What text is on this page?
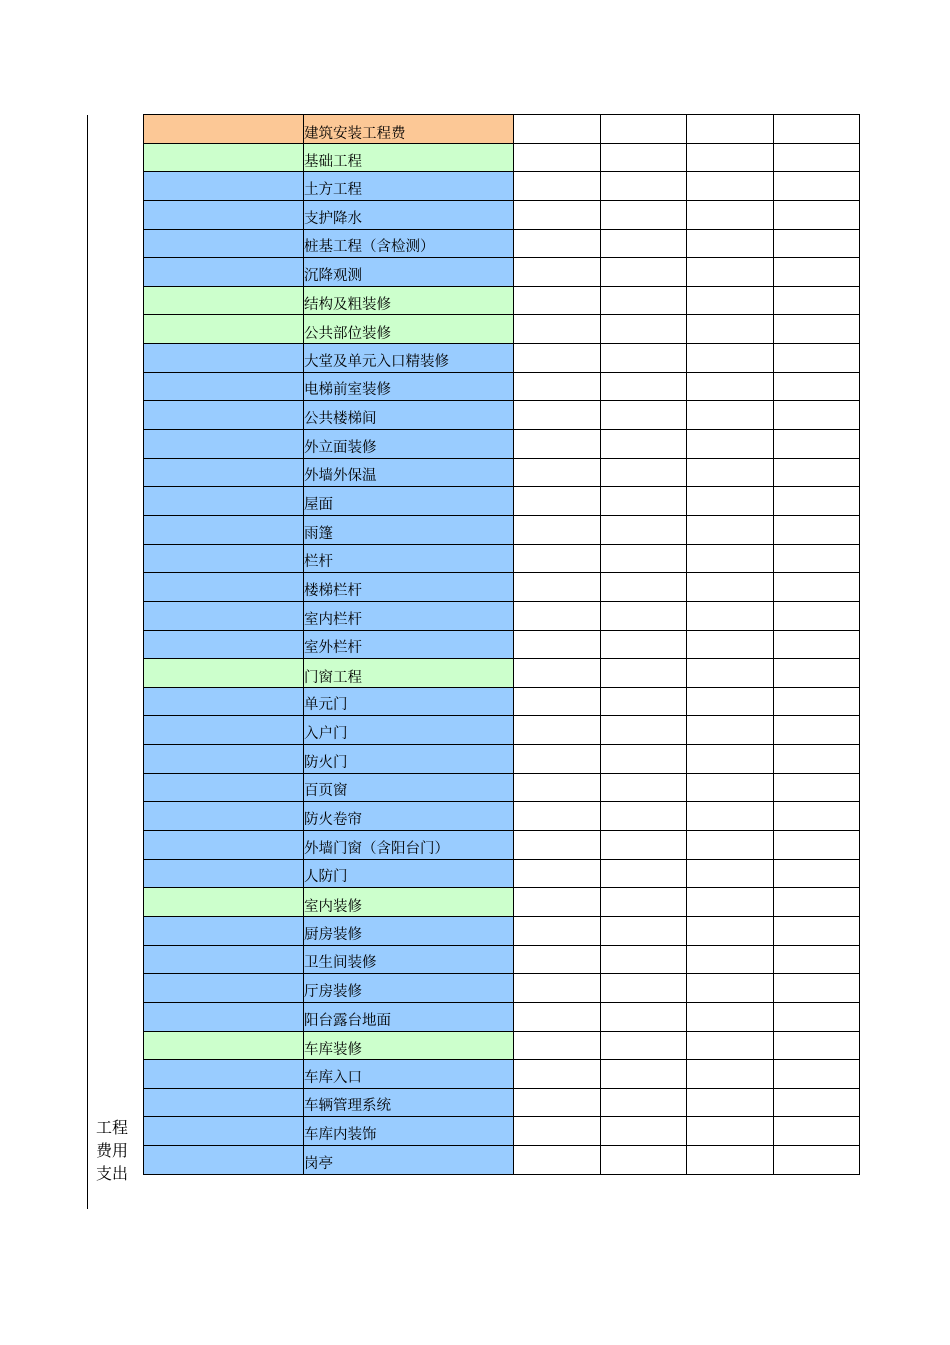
工程
费用
支出
	建筑安装工程费				
	基础工程				
	土方工程				
	支护降水				
	桩基工程（含检测）				
	沉降观测				
	结构及粗装修				
	公共部位装修				
	大堂及单元入口精装修				
	电梯前室装修				
	公共楼梯间				
	外立面装修				
	外墙外保温				
	屋面				
	雨篷				
	栏杆				
	楼梯栏杆				
	室内栏杆				
	室外栏杆				
	门窗工程				
	单元门				
	入户门				
	防火门				
	百页窗				
	防火卷帘				
	外墙门窗（含阳台门）				
	人防门				
	室内装修				
	厨房装修				
	卫生间装修				
	厅房装修				
	阳台露台地面				
	车库装修				
	车库入口				
	车辆管理系统				
	车库内装饰				
	岗亭				
